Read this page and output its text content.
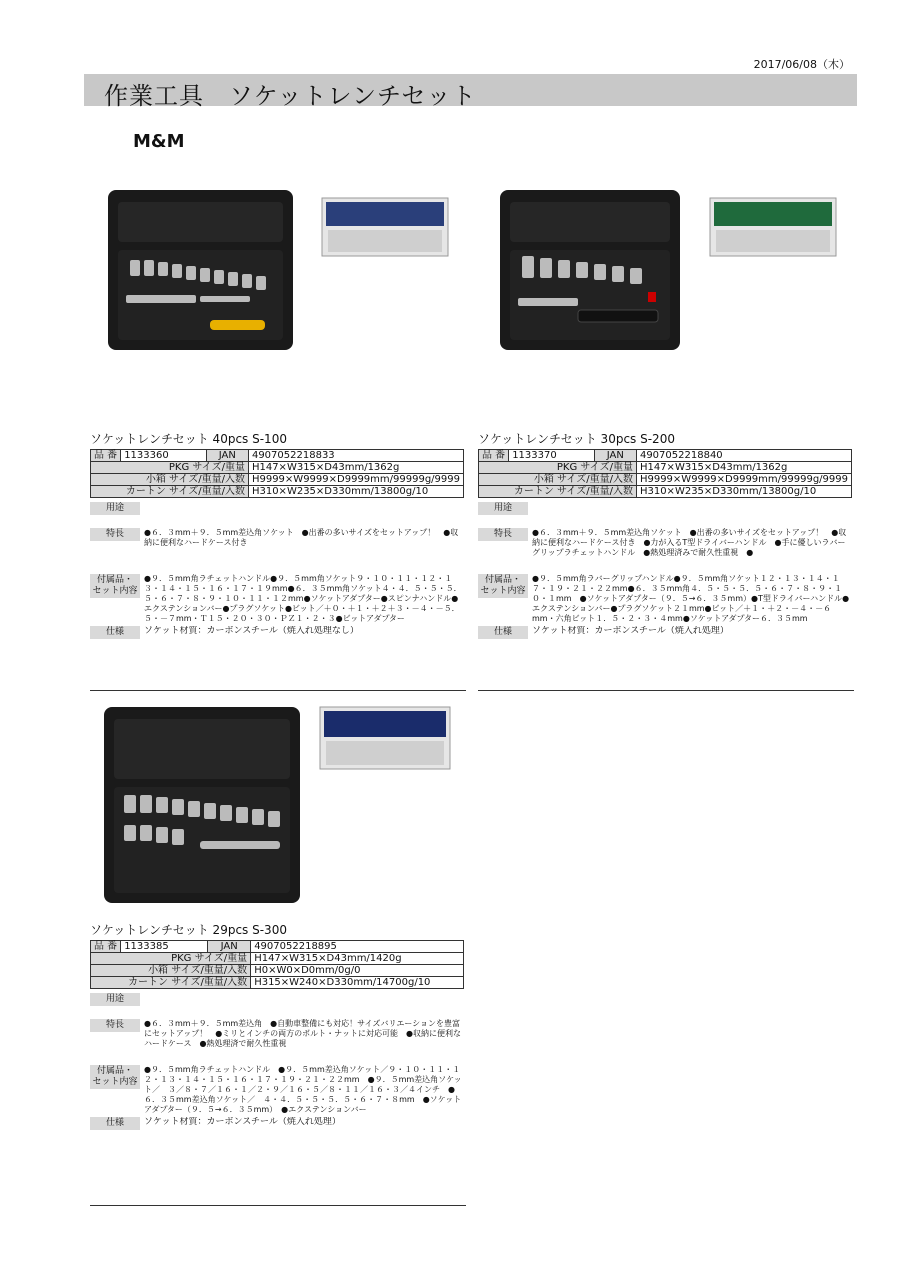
2017/06/08（木）
作業工具　ソケットレンチセット
M&M
ソケットレンチセット 40pcs S-100
品 番	1133360	JAN	4907052218833
PKG サイズ/重量			H147×W315×D43mm/1362g
小箱 サイズ/重量/入数			H9999×W9999×D9999mm/99999g/9999
カートン サイズ/重量/入数			H310×W235×D330mm/13800g/10
用途
特長	●６．３mm＋９．５mm差込角ソケット　●出番の多いサイズをセットアップ！　●収納に便利なハードケース付き
付属品・
セット内容
●９．５mm角ラチェットハンドル●９．５mm角ソケット９・１０・１１・１２・１３・１４・１５・１６・１７・１９mm●６．３５mm角ソケット４・４．５・５・５．５・６・７・８・９・１０・１１・１２mm●ソケットアダプター●スピンナハンドル●エクステンションバー●プラグソケット●ビット／＋０・＋１・＋２＋３・－４・－５．５・－７mm・Ｔ１５・２０・３０・ＰＺ１・２・３●ビットアダプター
仕様	ソケット材質：カーボンスチール（焼入れ処理なし）
ソケットレンチセット 30pcs S-200
品 番	1133370	JAN	4907052218840
PKG サイズ/重量			H147×W315×D43mm/1362g
小箱 サイズ/重量/入数			H9999×W9999×D9999mm/99999g/9999
カートン サイズ/重量/入数			H310×W235×D330mm/13800g/10
用途
特長	●６．３mm＋９．５mm差込角ソケット　●出番の多いサイズをセットアップ！　●収納に便利なハードケース付き　●力が入るT型ドライバーハンドル　●手に優しいラバーグリップラチェットハンドル　●熱処理済みで耐久性重視　●
付属品・
セット内容
●９．５mm角ラバーグリップハンドル●９．５mm角ソケット１２・１３・１４・１７・１９・２１・２２mm●６．３５mm角４．５・５・５．５・６・７・８・９・１０・１mm　●ソケットアダプター（９．５→６．３５mm）●T型ドライバーハンドル●エクステンションバー●プラグソケット２１mm●ビット／＋１・＋２・－４・－６mm・六角ビット１．５・２・３・４mm●ソケットアダプター６．３５mm
仕様	ソケット材質：カーボンスチール（焼入れ処理）
ソケットレンチセット 29pcs S-300
品 番	1133385	JAN	4907052218895
PKG サイズ/重量			H147×W315×D43mm/1420g
小箱 サイズ/重量/入数			H0×W0×D0mm/0g/0
カートン サイズ/重量/入数			H315×W240×D330mm/14700g/10
用途
特長	●６．３mm＋９．５mm差込角　●自動車整備にも対応！サイズバリエーションを豊富にセットアップ！　●ミリとインチの両方のボルト・ナットに対応可能　●収納に便利なハードケース　●熱処理済で耐久性重視
付属品・
セット内容
●９．５mm角ラチェットハンドル　●９．５mm差込角ソケット／９・１０・１１・１２・１３・１４・１５・１６・１７・１９・２１・２２mm　●９．５mm差込角ソケット／　３／８・７／１６・１／２・９／１６・５／８・１１／１６・３／４インチ　●６．３５mm差込角ソケット／　４・４．５・５・５．５・６・７・８mm　●ソケットアダプター（９．５→６．３５mm）　●エクステンションバー
仕様	ソケット材質：カーボンスチール（焼入れ処理）
